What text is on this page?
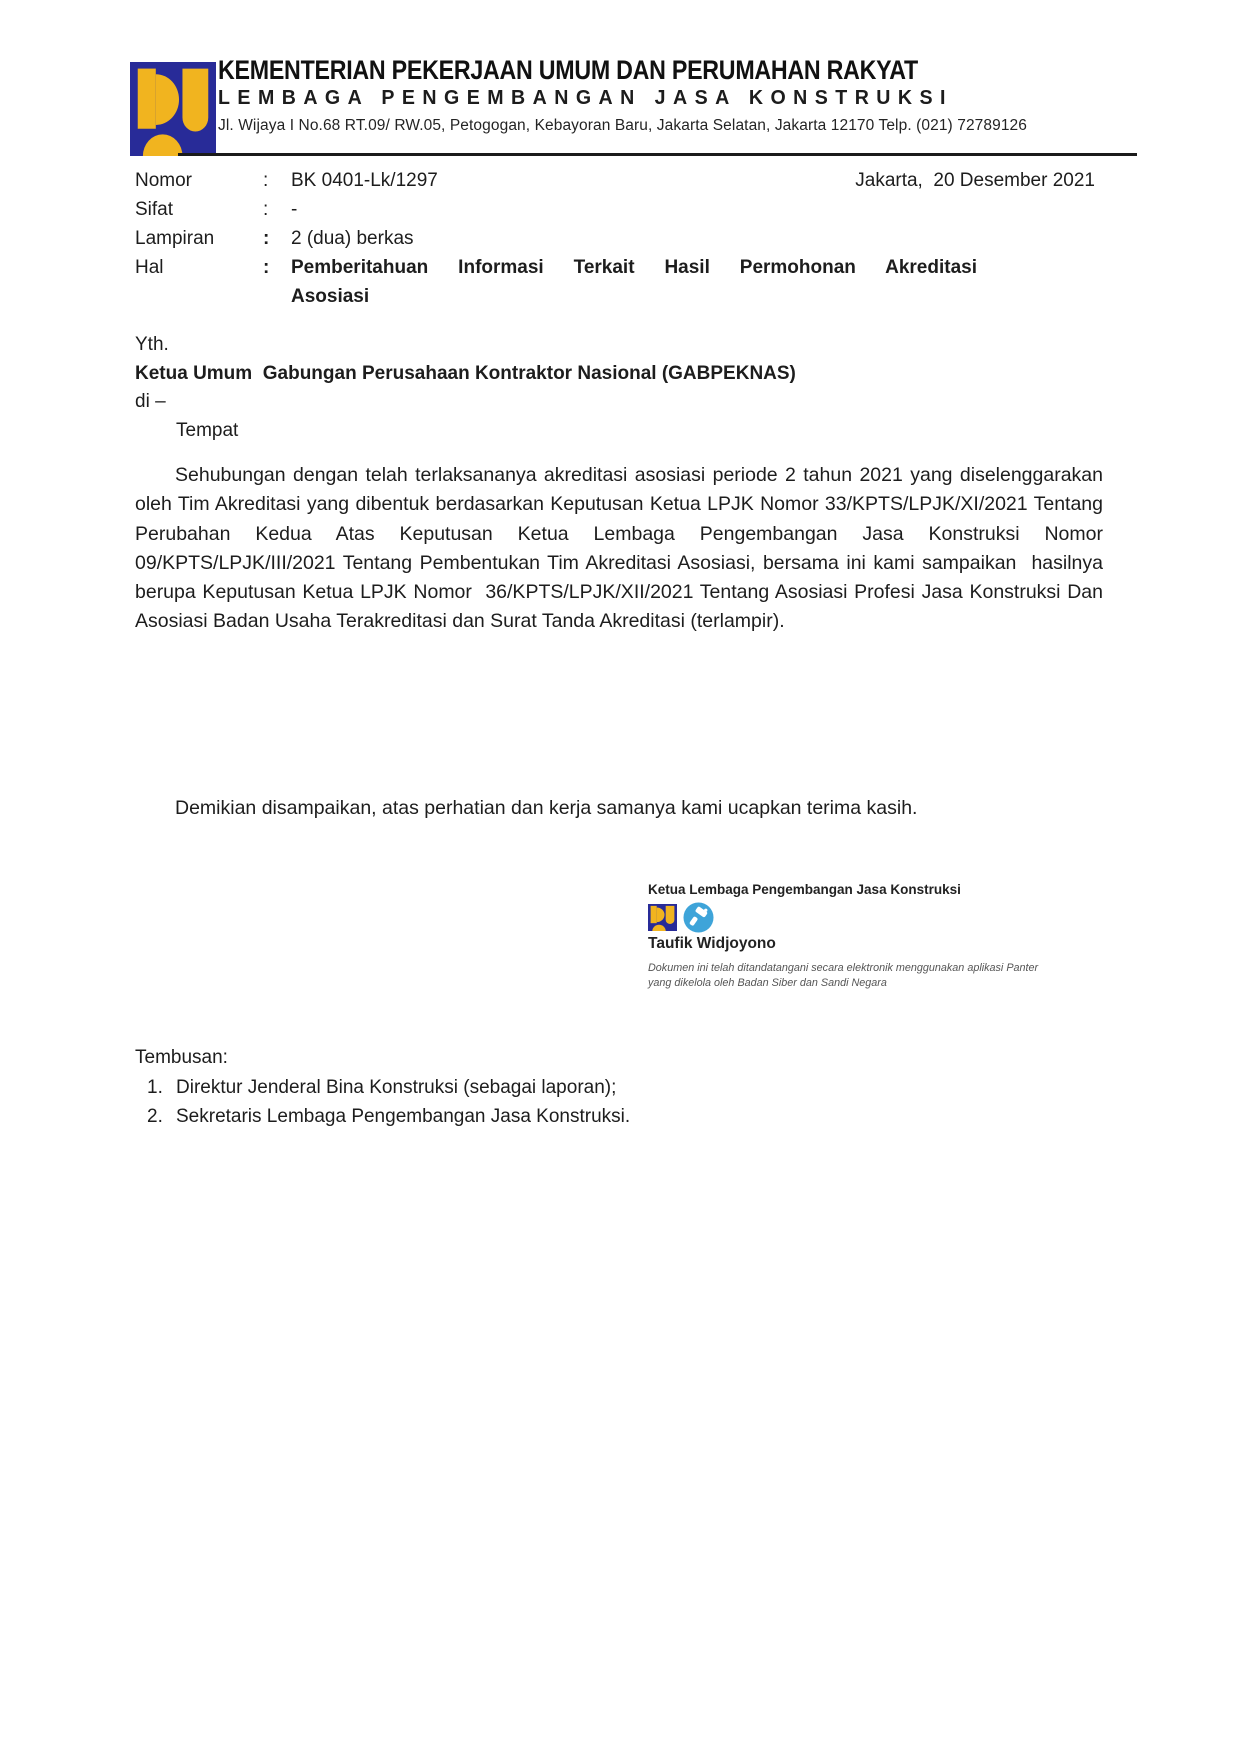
KEMENTERIAN PEKERJAAN UMUM DAN PERUMAHAN RAKYAT
LEMBAGA PENGEMBANGAN JASA KONSTRUKSI
Jl. Wijaya I No.68 RT.09/ RW.05, Petogogan, Kebayoran Baru, Jakarta Selatan, Jakarta 12170 Telp. (021) 72789126
Nomor	:	BK 0401-Lk/1297
Sifat	:	-
Lampiran	:	2 (dua) berkas
Hal	:	Pemberitahuan Informasi Terkait Hasil Permohonan Akreditasi
Asosiasi
Jakarta,  20 Desember 2021
Yth.
Ketua Umum  Gabungan Perusahaan Kontraktor Nasional (GABPEKNAS)
di –
Tempat
Sehubungan dengan telah terlaksananya akreditasi asosiasi periode 2 tahun 2021 yang diselenggarakan oleh Tim Akreditasi yang dibentuk berdasarkan Keputusan Ketua LPJK Nomor 33/KPTS/LPJK/XI/2021 Tentang Perubahan Kedua Atas Keputusan Ketua Lembaga Pengembangan Jasa Konstruksi Nomor 09/KPTS/LPJK/III/2021 Tentang Pembentukan Tim Akreditasi Asosiasi, bersama ini kami sampaikan  hasilnya berupa Keputusan Ketua LPJK Nomor  36/KPTS/LPJK/XII/2021 Tentang Asosiasi Profesi Jasa Konstruksi Dan Asosiasi Badan Usaha Terakreditasi dan Surat Tanda Akreditasi (terlampir).
Demikian disampaikan, atas perhatian dan kerja samanya kami ucapkan terima kasih.
Ketua Lembaga Pengembangan Jasa Konstruksi
Taufik Widjoyono
Dokumen ini telah ditandatangani secara elektronik menggunakan aplikasi Panter
yang dikelola oleh Badan Siber dan Sandi Negara
Tembusan:
1. Direktur Jenderal Bina Konstruksi (sebagai laporan);
2. Sekretaris Lembaga Pengembangan Jasa Konstruksi.
